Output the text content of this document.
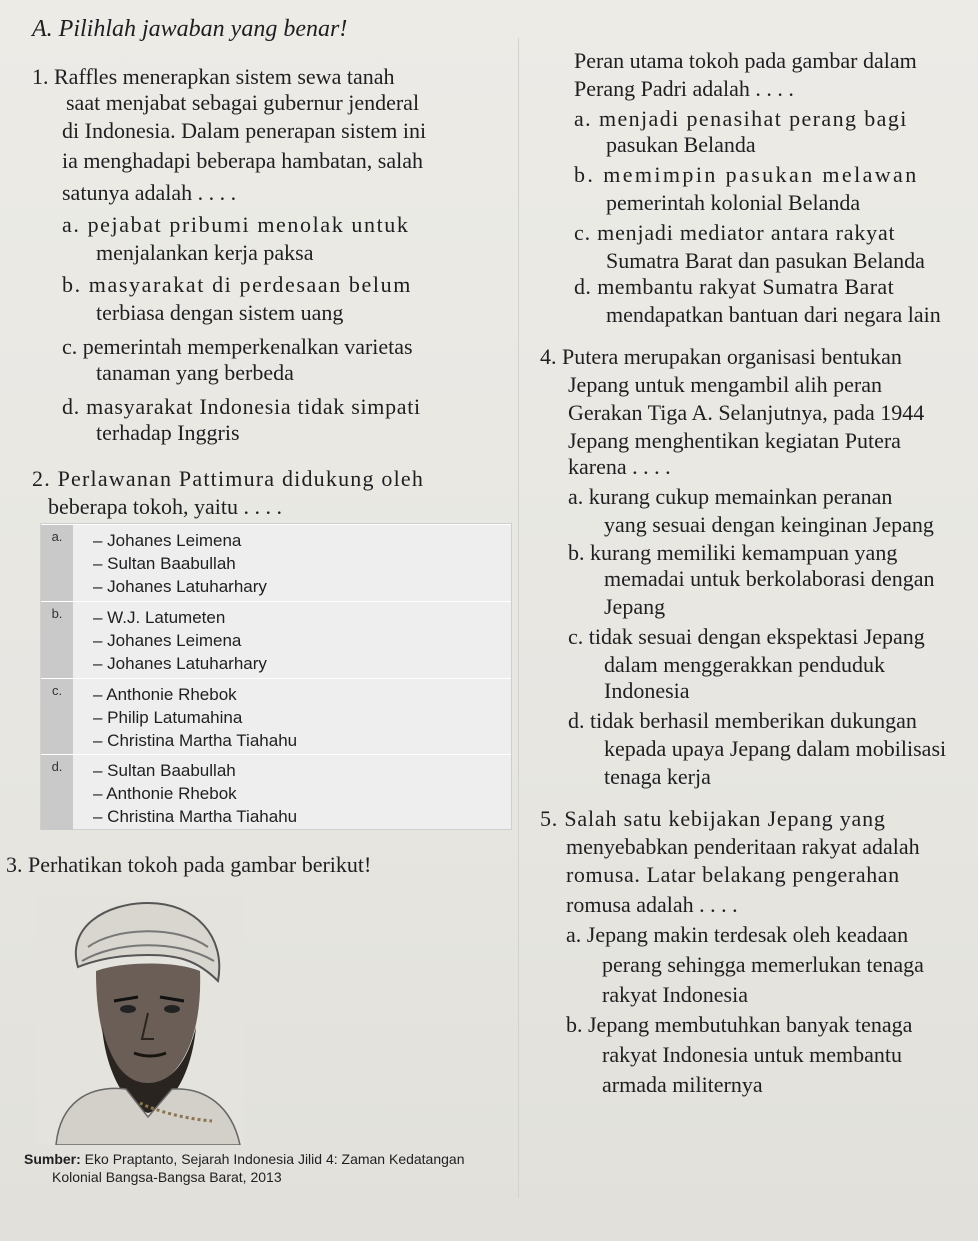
A. Pilihlah jawaban yang benar!
1. Raffles menerapkan sistem sewa tanah
saat menjabat sebagai gubernur jenderal
di Indonesia. Dalam penerapan sistem ini
ia menghadapi beberapa hambatan, salah
satunya adalah . . . .
a. pejabat pribumi menolak untuk
menjalankan kerja paksa
b. masyarakat di perdesaan belum
terbiasa dengan sistem uang
c. pemerintah memperkenalkan varietas
tanaman yang berbeda
d. masyarakat Indonesia tidak simpati
terhadap Inggris
2. Perlawanan Pattimura didukung oleh
beberapa tokoh, yaitu . . . .
a.	– Johanes Leimena
– Sultan Baabullah
– Johanes Latuharhary
b.	– W.J. Latumeten
– Johanes Leimena
– Johanes Latuharhary
c.	– Anthonie Rhebok
– Philip Latumahina
– Christina Martha Tiahahu
d.	– Sultan Baabullah
– Anthonie Rhebok
– Christina Martha Tiahahu
3. Perhatikan tokoh pada gambar berikut!
Sumber: Eko Praptanto, Sejarah Indonesia Jilid 4: Zaman Kedatangan
Kolonial Bangsa-Bangsa Barat, 2013
Peran utama tokoh pada gambar dalam
Perang Padri adalah . . . .
a. menjadi penasihat perang bagi
pasukan Belanda
b. memimpin pasukan melawan
pemerintah kolonial Belanda
c. menjadi mediator antara rakyat
Sumatra Barat dan pasukan Belanda
d. membantu rakyat Sumatra Barat
mendapatkan bantuan dari negara lain
4. Putera merupakan organisasi bentukan
Jepang untuk mengambil alih peran
Gerakan Tiga A. Selanjutnya, pada 1944
Jepang menghentikan kegiatan Putera
karena . . . .
a. kurang cukup memainkan peranan
yang sesuai dengan keinginan Jepang
b. kurang memiliki kemampuan yang
memadai untuk berkolaborasi dengan
Jepang
c. tidak sesuai dengan ekspektasi Jepang
dalam menggerakkan penduduk
Indonesia
d. tidak berhasil memberikan dukungan
kepada upaya Jepang dalam mobilisasi
tenaga kerja
5. Salah satu kebijakan Jepang yang
menyebabkan penderitaan rakyat adalah
romusa. Latar belakang pengerahan
romusa adalah . . . .
a. Jepang makin terdesak oleh keadaan
perang sehingga memerlukan tenaga
rakyat Indonesia
b. Jepang membutuhkan banyak tenaga
rakyat Indonesia untuk membantu
armada militernya
